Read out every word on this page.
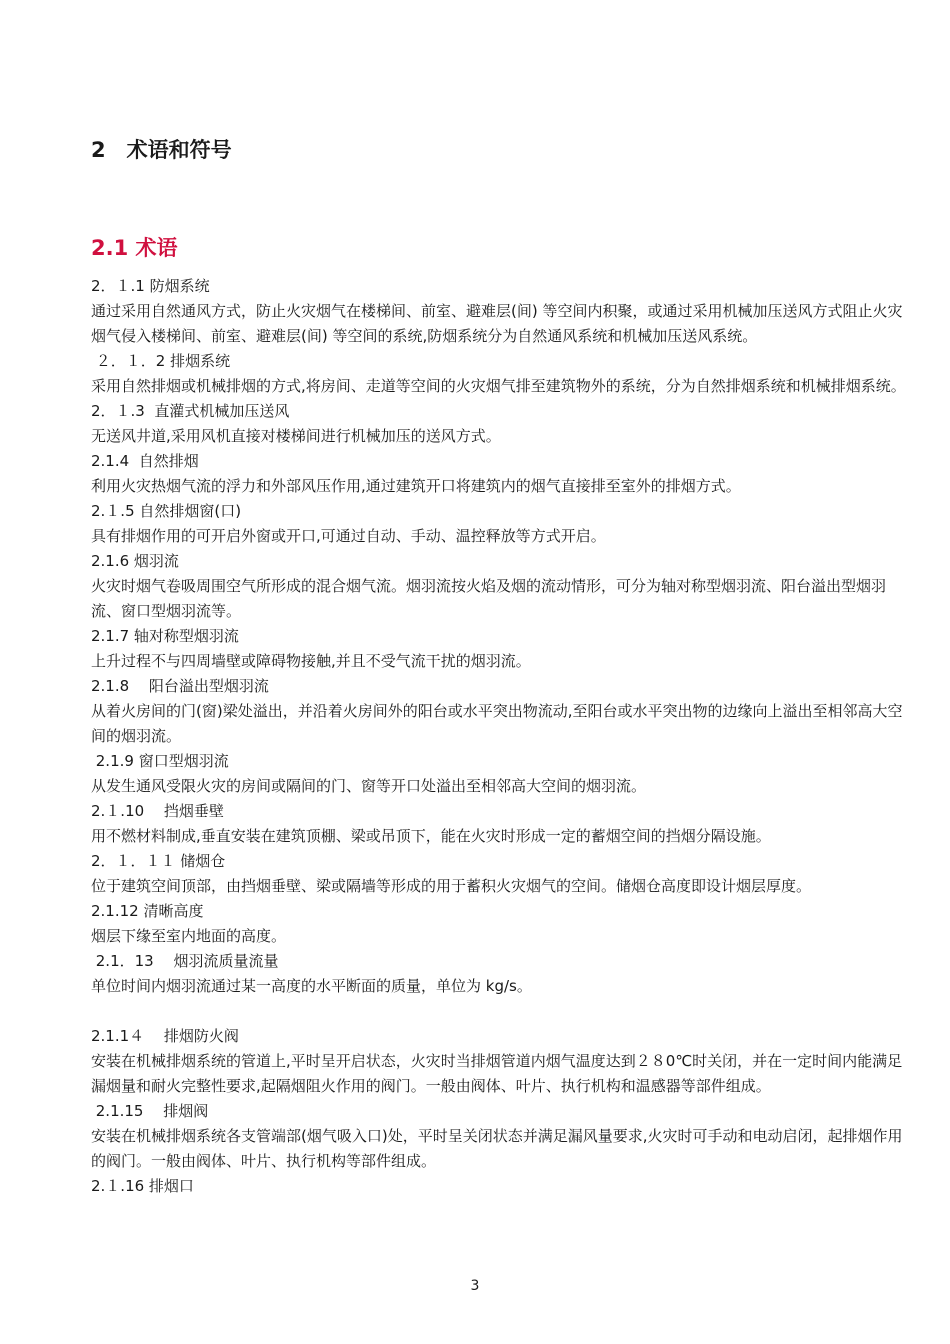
2　术语和符号
2.1 术语
2．１.1 防烟系统

通过采用自然通风方式，防止火灾烟气在楼梯间、前室、避难层(间) 等空间内积聚，或通过采用机械加压送风方式阻止火灾烟气侵入楼梯间、前室、避难层(间) 等空间的系统,防烟系统分为自然通风系统和机械加压送风系统。

２．１．2 排烟系统

采用自然排烟或机械排烟的方式,将房间、走道等空间的火灾烟气排至建筑物外的系统，分为自然排烟系统和机械排烟系统。

2．１.3  直灌式机械加压送风

无送风井道,采用风机直接对楼梯间进行机械加压的送风方式。

2.1.4  自然排烟

利用火灾热烟气流的浮力和外部风压作用,通过建筑开口将建筑内的烟气直接排至室外的排烟方式。

2.１.5 自然排烟窗(口)

具有排烟作用的可开启外窗或开口,可通过自动、手动、温控释放等方式开启。

2.1.6 烟羽流

火灾时烟气卷吸周围空气所形成的混合烟气流。烟羽流按火焰及烟的流动情形，可分为轴对称型烟羽流、阳台溢出型烟羽流、窗口型烟羽流等。

2.1.7 轴对称型烟羽流

上升过程不与四周墙壁或障碍物接触,并且不受气流干扰的烟羽流。

2.1.8　 阳台溢出型烟羽流

从着火房间的门(窗)梁处溢出，并沿着火房间外的阳台或水平突出物流动,至阳台或水平突出物的边缘向上溢出至相邻高大空间的烟羽流。

2.1.9 窗口型烟羽流

从发生通风受限火灾的房间或隔间的门、窗等开口处溢出至相邻高大空间的烟羽流。

2.１.10　 挡烟垂壁

用不燃材料制成,垂直安装在建筑顶棚、梁或吊顶下，能在火灾时形成一定的蓄烟空间的挡烟分隔设施。

2．１．１１ 储烟仓

位于建筑空间顶部，由挡烟垂壁、梁或隔墙等形成的用于蓄积火灾烟气的空间。储烟仓高度即设计烟层厚度。

2.1.12 清晰高度

烟层下缘至室内地面的高度。

2.1．13　 烟羽流质量流量

单位时间内烟羽流通过某一高度的水平断面的质量，单位为 kg/s。

2.1.1４　 排烟防火阀

安装在机械排烟系统的管道上,平时呈开启状态，火灾时当排烟管道内烟气温度达到２８0℃时关闭，并在一定时间内能满足漏烟量和耐火完整性要求,起隔烟阻火作用的阀门。一般由阀体、叶片、执行机构和温感器等部件组成。

2.1.15　 排烟阀

安装在机械排烟系统各支管端部(烟气吸入口)处，平时呈关闭状态并满足漏风量要求,火灾时可手动和电动启闭，起排烟作用的阀门。一般由阀体、叶片、执行机构等部件组成。

2.１.16 排烟口
3
